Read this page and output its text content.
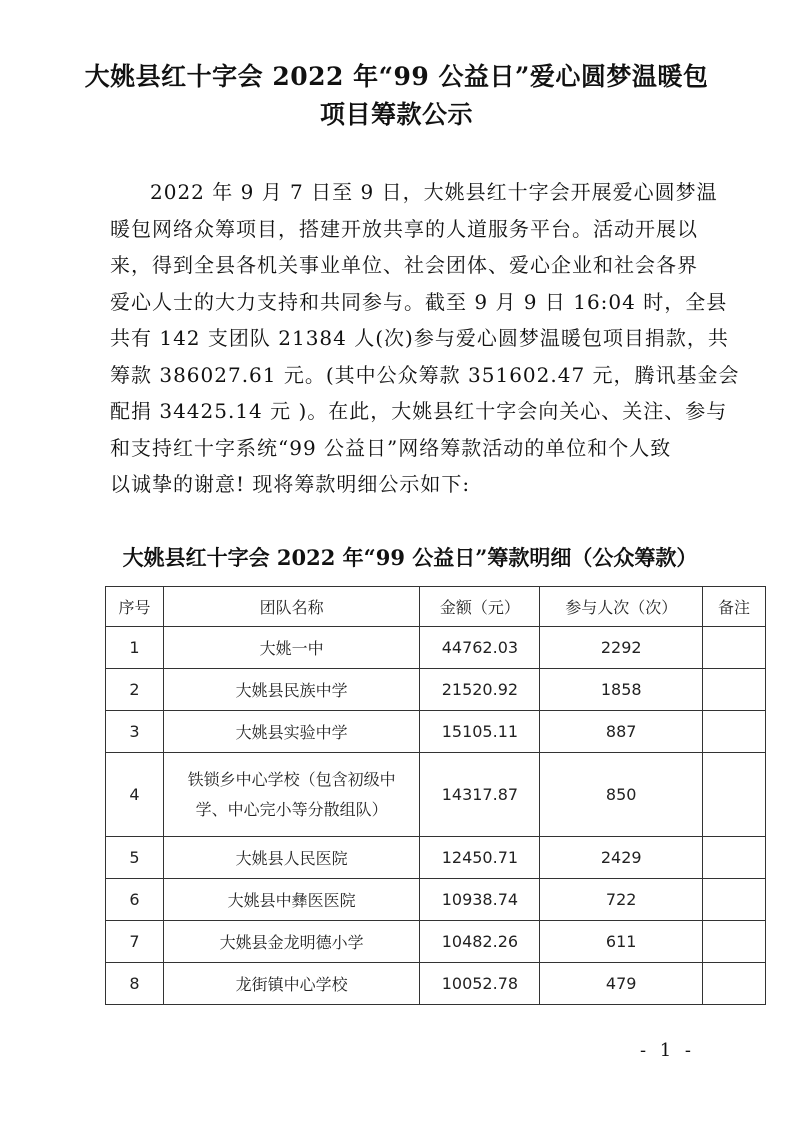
大姚县红十字会 2022 年“99 公益日”爱心圆梦温暖包
项目筹款公示
2022 年 9 月 7 日至 9 日，大姚县红十字会开展爱心圆梦温
暖包网络众筹项目，搭建开放共享的人道服务平台。活动开展以
来，得到全县各机关事业单位、社会团体、爱心企业和社会各界
爱心人士的大力支持和共同参与。截至 9 月 9 日 16:04 时，全县
共有 142 支团队 21384 人(次)参与爱心圆梦温暖包项目捐款，共
筹款 386027.61 元。(其中公众筹款 351602.47 元，腾讯基金会
配捐 34425.14 元 )。在此，大姚县红十字会向关心、关注、参与
和支持红十字系统“99 公益日”网络筹款活动的单位和个人致
以诚挚的谢意! 现将筹款明细公示如下:
大姚县红十字会 2022 年“99 公益日”筹款明细（公众筹款）
序号	团队名称	金额（元）	参与人次（次）	备注
1	大姚一中	44762.03	2292	
2	大姚县民族中学	21520.92	1858	
3	大姚县实验中学	15105.11	887	
4	铁锁乡中心学校（包含初级中
学、中心完小等分散组队）	14317.87	850	
5	大姚县人民医院	12450.71	2429	
6	大姚县中彝医医院	10938.74	722	
7	大姚县金龙明德小学	10482.26	611	
8	龙街镇中心学校	10052.78	479	
- 1 -
